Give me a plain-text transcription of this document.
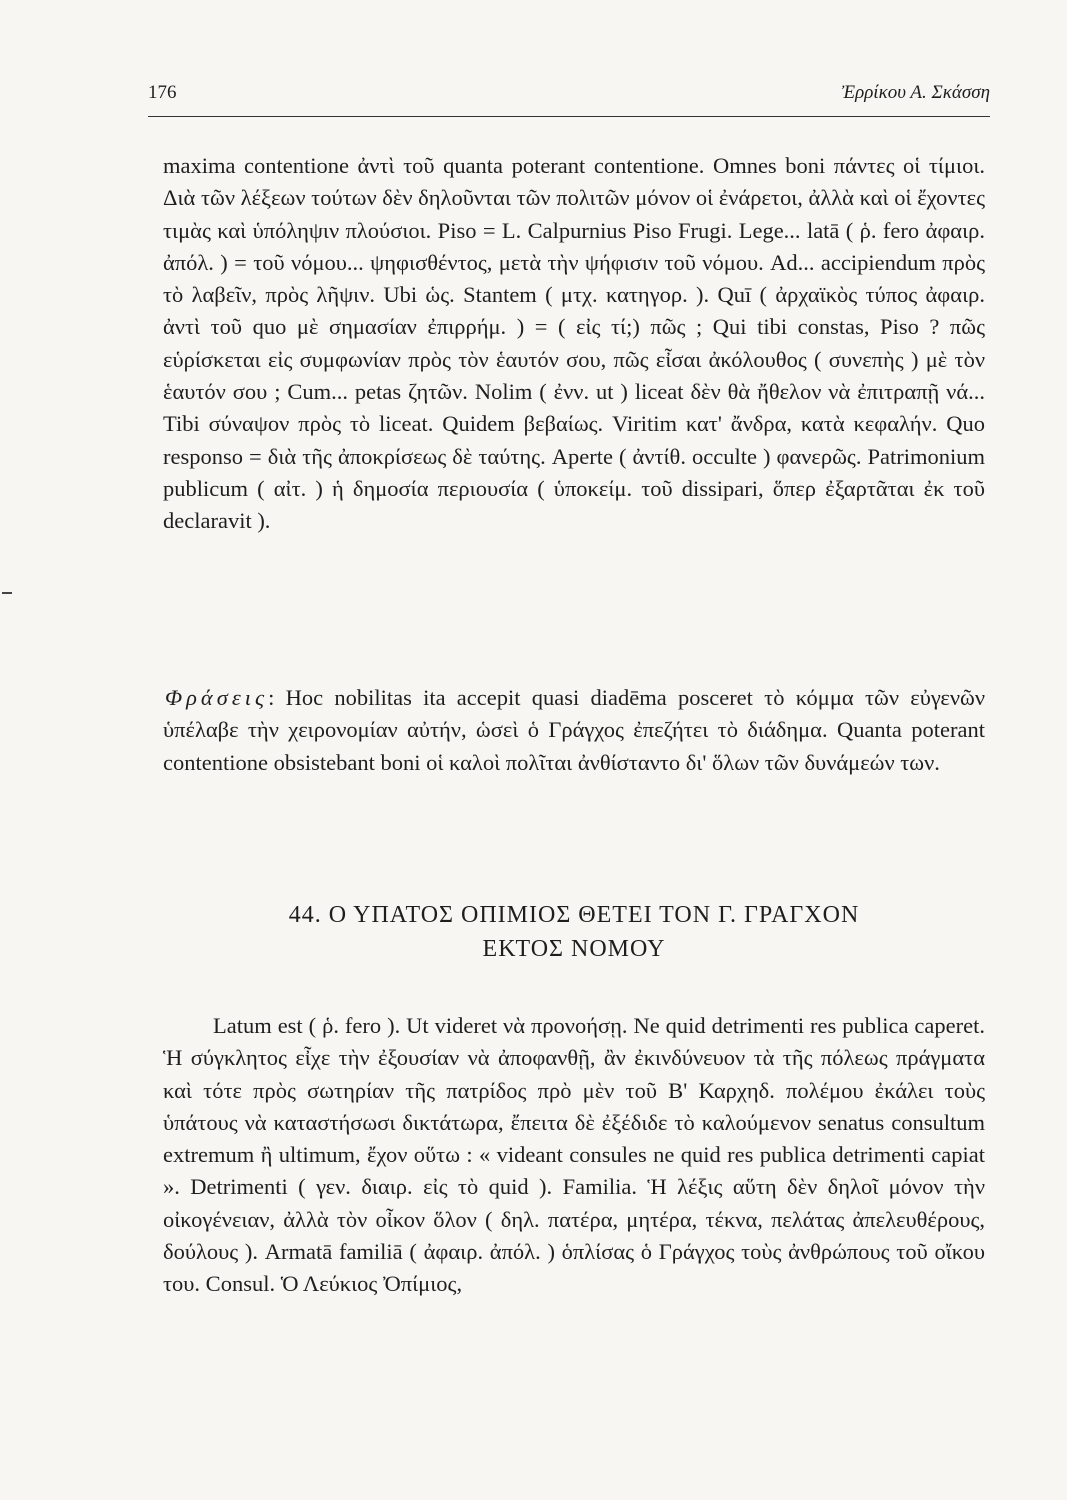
176	Ἐρρίκου Α. Σκάσση

maxima contentione ἀντὶ τοῦ quanta poterant contentione. Omnes boni πάντες οἱ τίμιοι. Διὰ τῶν λέξεων τούτων δὲν δηλοῦνται τῶν πολιτῶν μόνον οἱ ἐνάρετοι, ἀλλὰ καὶ οἱ ἔχοντες τιμὰς καὶ ὑπόληψιν πλούσιοι. Piso = L. Calpurnius Piso Frugi. Lege... latā ( ῥ. fero ἀφαιρ. ἀπόλ. ) = τοῦ νόμου... ψηφισθέντος, μετὰ τὴν ψήφισιν τοῦ νόμου. Ad... accipiendum πρὸς τὸ λαβεῖν, πρὸς λῆψιν. Ubi ὡς. Stantem ( μτχ. κατηγορ. ). Quī ( ἀρχαϊκὸς τύπος ἀφαιρ. ἀντὶ τοῦ quo μὲ σημασίαν ἐπιρρήμ. ) = ( εἰς τί;) πῶς ; Qui tibi constas, Piso ? πῶς εὑρίσκεται εἰς συμφωνίαν πρὸς τὸν ἑαυτόν σου, πῶς εἶσαι ἀκόλουθος ( συνεπὴς ) μὲ τὸν ἑαυτόν σου ; Cum... petas ζητῶν. Nolim ( ἐνν. ut ) liceat δὲν θὰ ἤθελον νὰ ἐπιτραπῇ νά... Tibi σύναψον πρὸς τὸ liceat. Quidem βεβαίως. Viritim κατ' ἄνδρα, κατὰ κεφαλήν. Quo responso = διὰ τῆς ἀποκρίσεως δὲ ταύτης. Aperte ( ἀντίθ. occulte ) φανερῶς. Patrimonium publicum ( αἰτ. ) ἡ δημοσία περιουσία ( ὑποκείμ. τοῦ dissipari, ὅπερ ἐξαρτᾶται ἐκ τοῦ declaravit ).

Φράσεις: Hoc nobilitas ita accepit quasi diadēma posceret τὸ κόμμα τῶν εὐγενῶν ὑπέλαβε τὴν χειρονομίαν αὐτήν, ὡσεὶ ὁ Γράγχος ἐπεζήτει τὸ διάδημα. Quanta poterant contentione obsistebant boni οἱ καλοὶ πολῖται ἀνθίσταντο δι' ὅλων τῶν δυνάμεών των.

44. Ο ΥΠΑΤΟΣ ΟΠΙΜΙΟΣ ΘΕΤΕΙ ΤΟΝ Γ. ΓΡΑΓΧΟΝ
ΕΚΤΟΣ ΝΟΜΟΥ

Latum est ( ῥ. fero ). Ut videret νὰ προνοήσῃ. Ne quid detrimenti res publica caperet. Ἡ σύγκλητος εἶχε τὴν ἐξουσίαν νὰ ἀποφανθῇ, ἂν ἐκινδύνευον τὰ τῆς πόλεως πράγματα καὶ τότε πρὸς σωτηρίαν τῆς πατρίδος πρὸ μὲν τοῦ Β' Καρχηδ. πολέμου ἐκάλει τοὺς ὑπάτους νὰ καταστήσωσι δικτάτωρα, ἔπειτα δὲ ἐξέδιδε τὸ καλούμενον senatus consultum extremum ἢ ultimum, ἔχον οὕτω : « videant consules ne quid res publica detrimenti capiat ». Detrimenti ( γεν. διαιρ. εἰς τὸ quid ). Familia. Ἡ λέξις αὕτη δὲν δηλοῖ μόνον τὴν οἰκογένειαν, ἀλλὰ τὸν οἶκον ὅλον ( δηλ. πατέρα, μητέρα, τέκνα, πελάτας ἀπελευθέρους, δούλους ). Armatā familiā ( ἀφαιρ. ἀπόλ. ) ὁπλίσας ὁ Γράγχος τοὺς ἀνθρώπους τοῦ οἴκου του. Consul. Ὁ Λεύκιος Ὀπίμιος,
